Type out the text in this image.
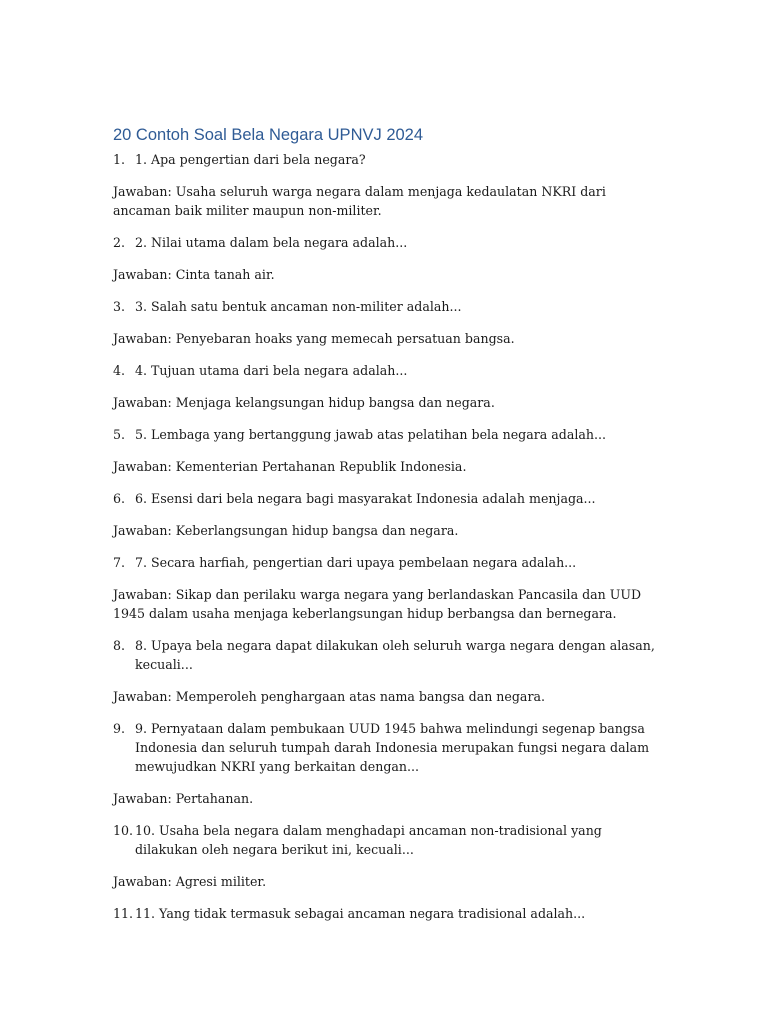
20 Contoh Soal Bela Negara UPNVJ 2024
1. 1. Apa pengertian dari bela negara?

Jawaban: Usaha seluruh warga negara dalam menjaga kedaulatan NKRI dari ancaman baik militer maupun non-militer.

2. 2. Nilai utama dalam bela negara adalah...

Jawaban: Cinta tanah air.

3. 3. Salah satu bentuk ancaman non-militer adalah...

Jawaban: Penyebaran hoaks yang memecah persatuan bangsa.

4. 4. Tujuan utama dari bela negara adalah...

Jawaban: Menjaga kelangsungan hidup bangsa dan negara.

5. 5. Lembaga yang bertanggung jawab atas pelatihan bela negara adalah...

Jawaban: Kementerian Pertahanan Republik Indonesia.

6. 6. Esensi dari bela negara bagi masyarakat Indonesia adalah menjaga...

Jawaban: Keberlangsungan hidup bangsa dan negara.

7. 7. Secara harfiah, pengertian dari upaya pembelaan negara adalah...

Jawaban: Sikap dan perilaku warga negara yang berlandaskan Pancasila dan UUD 1945 dalam usaha menjaga keberlangsungan hidup berbangsa dan bernegara.

8. 8. Upaya bela negara dapat dilakukan oleh seluruh warga negara dengan alasan, kecuali...

Jawaban: Memperoleh penghargaan atas nama bangsa dan negara.

9. 9. Pernyataan dalam pembukaan UUD 1945 bahwa melindungi segenap bangsa Indonesia dan seluruh tumpah darah Indonesia merupakan fungsi negara dalam mewujudkan NKRI yang berkaitan dengan...

Jawaban: Pertahanan.

10. 10. Usaha bela negara dalam menghadapi ancaman non-tradisional yang dilakukan oleh negara berikut ini, kecuali...

Jawaban: Agresi militer.

11. 11. Yang tidak termasuk sebagai ancaman negara tradisional adalah...
